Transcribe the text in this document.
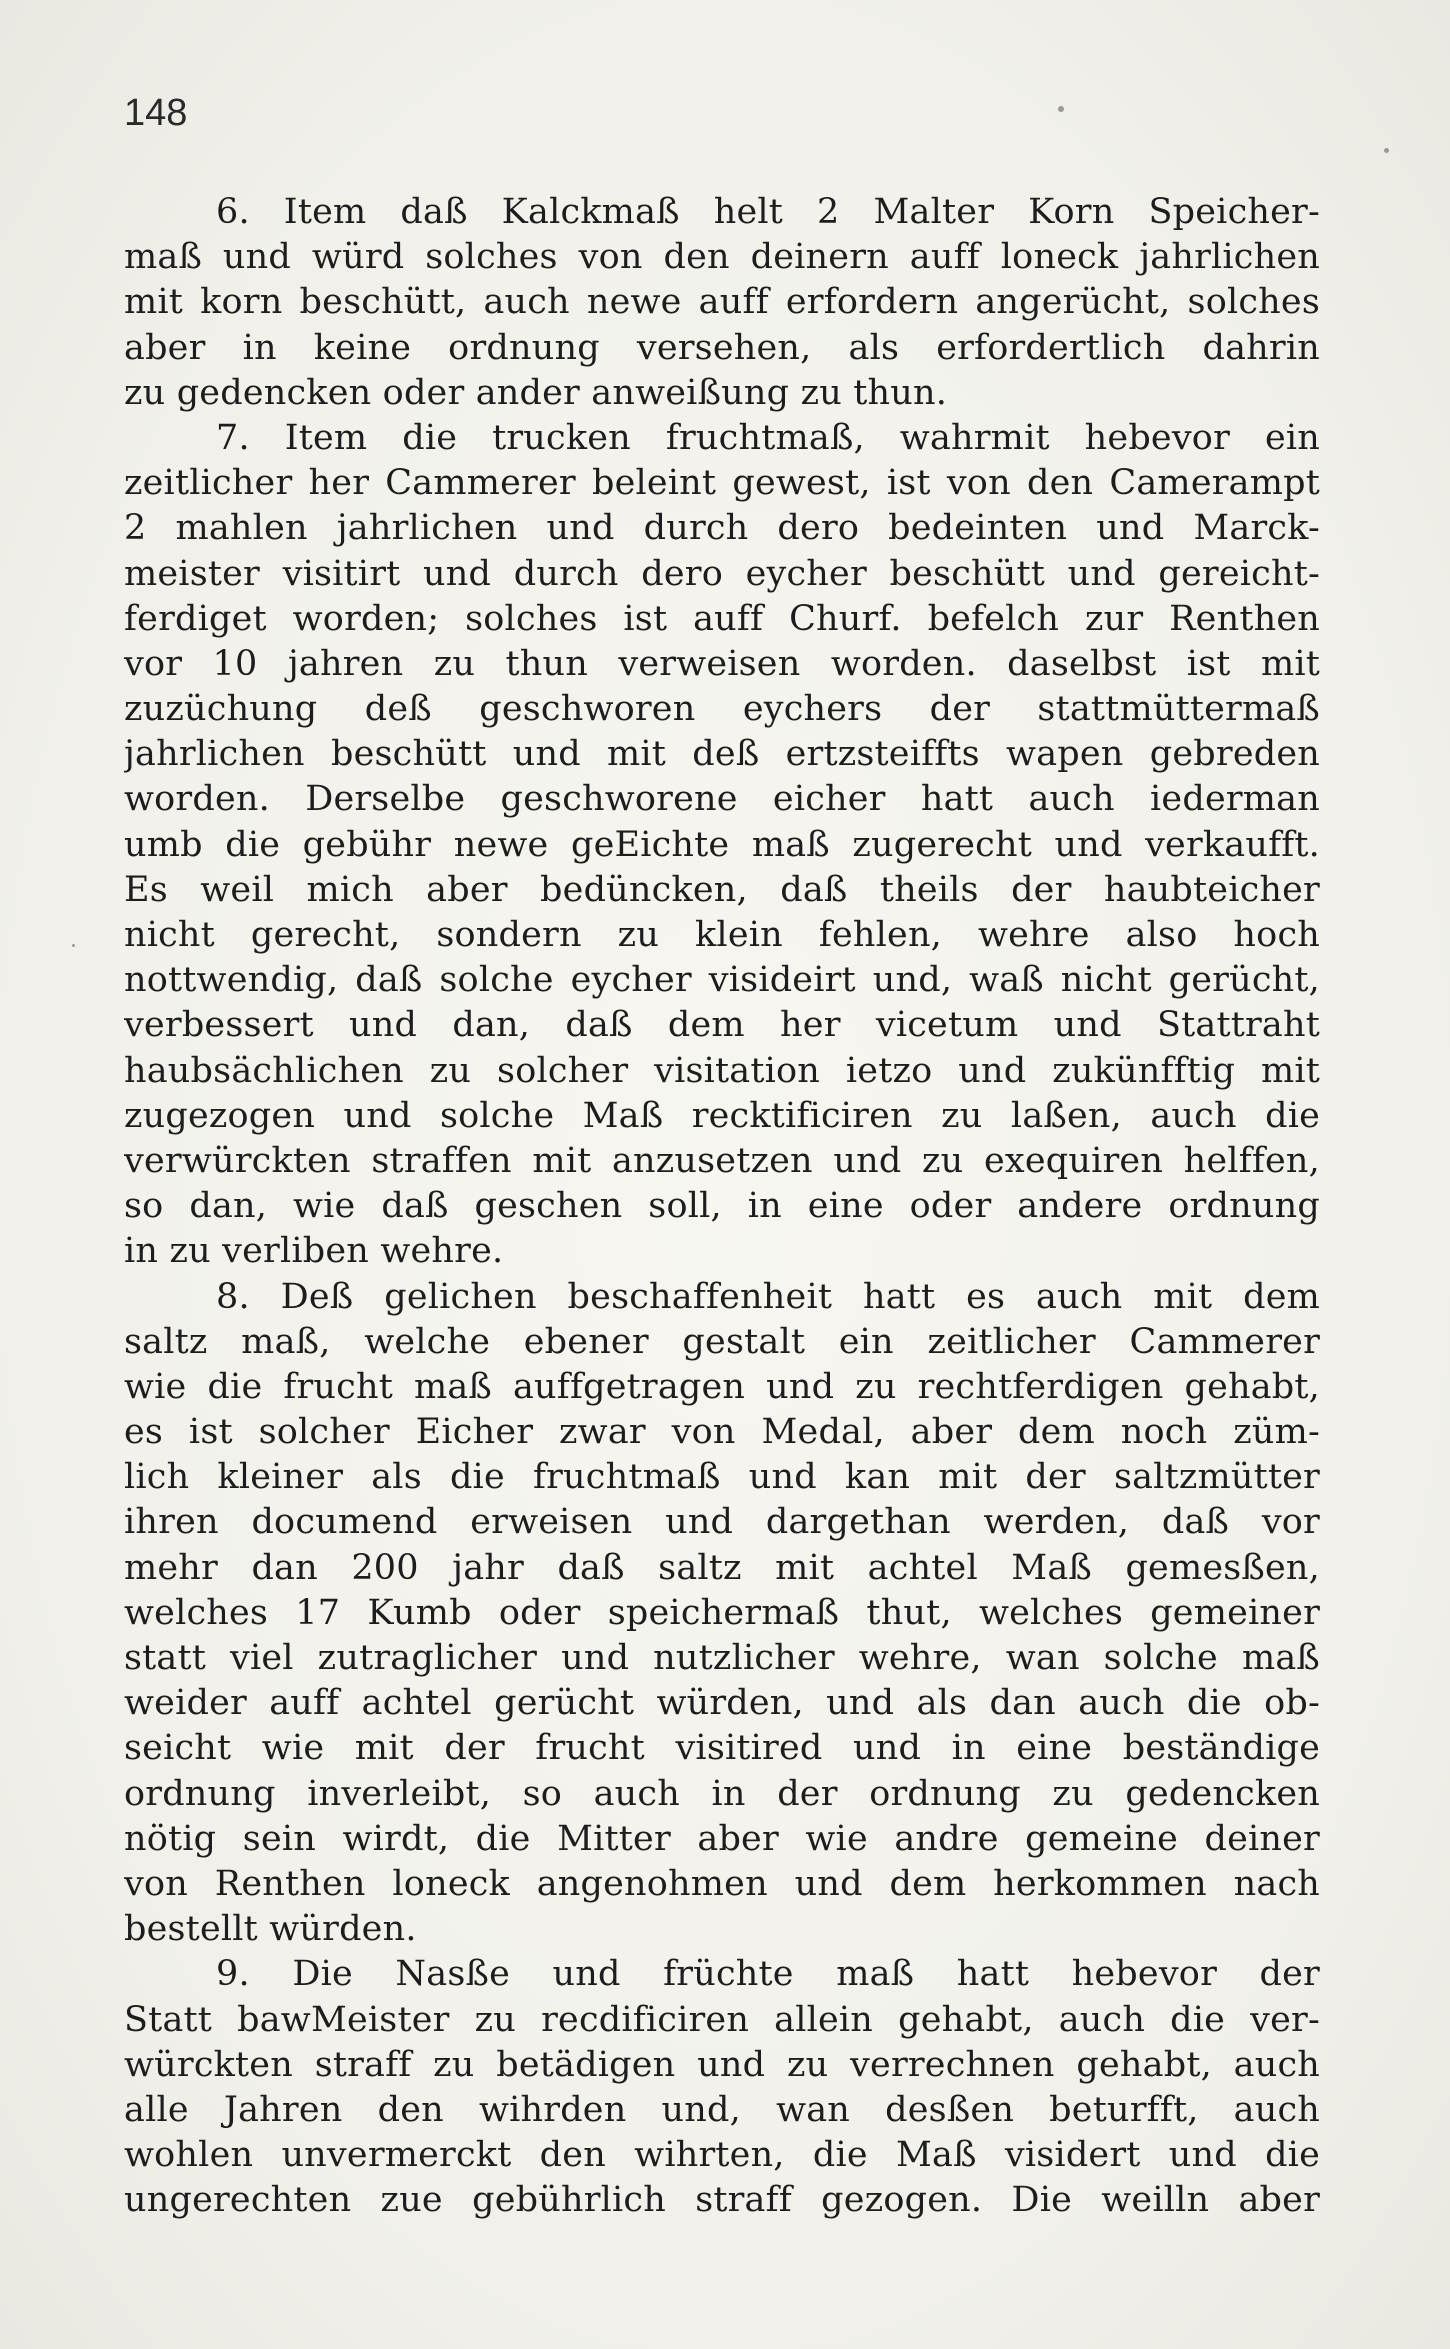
148
6. Item daß Kalckmaß helt 2 Malter Korn Speicher-
maß und würd solches von den deinern auff loneck jahrlichen
mit korn beschütt, auch newe auff erfordern angerücht, solches
aber in keine ordnung versehen, als erfordertlich dahrin
zu gedencken oder ander anweißung zu thun.
7. Item die trucken fruchtmaß, wahrmit hebevor ein
zeitlicher her Cammerer beleint gewest, ist von den Camerampt
2 mahlen jahrlichen und durch dero bedeinten und Marck-
meister visitirt und durch dero eycher beschütt und gereicht-
ferdiget worden; solches ist auff Churf. befelch zur Renthen
vor 10 jahren zu thun verweisen worden. daselbst ist mit
zuzüchung deß geschworen eychers der stattmüttermaß
jahrlichen beschütt und mit deß ertzsteiffts wapen gebreden
worden. Derselbe geschworene eicher hatt auch iederman
umb die gebühr newe geEichte maß zugerecht und verkaufft.
Es weil mich aber bedüncken, daß theils der haubteicher
nicht gerecht, sondern zu klein fehlen, wehre also hoch
nottwendig, daß solche eycher visideirt und, waß nicht gerücht,
verbessert und dan, daß dem her vicetum und Stattraht
haubsächlichen zu solcher visitation ietzo und zukünfftig mit
zugezogen und solche Maß recktificiren zu laßen, auch die
verwürckten straffen mit anzusetzen und zu exequiren helffen,
so dan, wie daß geschen soll, in eine oder andere ordnung
in zu verliben wehre.
8. Deß gelichen beschaffenheit hatt es auch mit dem
saltz maß, welche ebener gestalt ein zeitlicher Cammerer
wie die frucht maß auffgetragen und zu rechtferdigen gehabt,
es ist solcher Eicher zwar von Medal, aber dem noch züm-
lich kleiner als die fruchtmaß und kan mit der saltzmütter
ihren documend erweisen und dargethan werden, daß vor
mehr dan 200 jahr daß saltz mit achtel Maß gemesßen,
welches 17 Kumb oder speichermaß thut, welches gemeiner
statt viel zutraglicher und nutzlicher wehre, wan solche maß
weider auff achtel gerücht würden, und als dan auch die ob-
seicht wie mit der frucht visitired und in eine beständige
ordnung inverleibt, so auch in der ordnung zu gedencken
nötig sein wirdt, die Mitter aber wie andre gemeine deiner
von Renthen loneck angenohmen und dem herkommen nach
bestellt würden.
9. Die Nasße und früchte maß hatt hebevor der
Statt bawMeister zu recdificiren allein gehabt, auch die ver-
würckten straff zu betädigen und zu verrechnen gehabt, auch
alle Jahren den wihrden und, wan desßen beturfft, auch
wohlen unvermerckt den wihrten, die Maß visidert und die
ungerechten zue gebührlich straff gezogen. Die weilln aber
